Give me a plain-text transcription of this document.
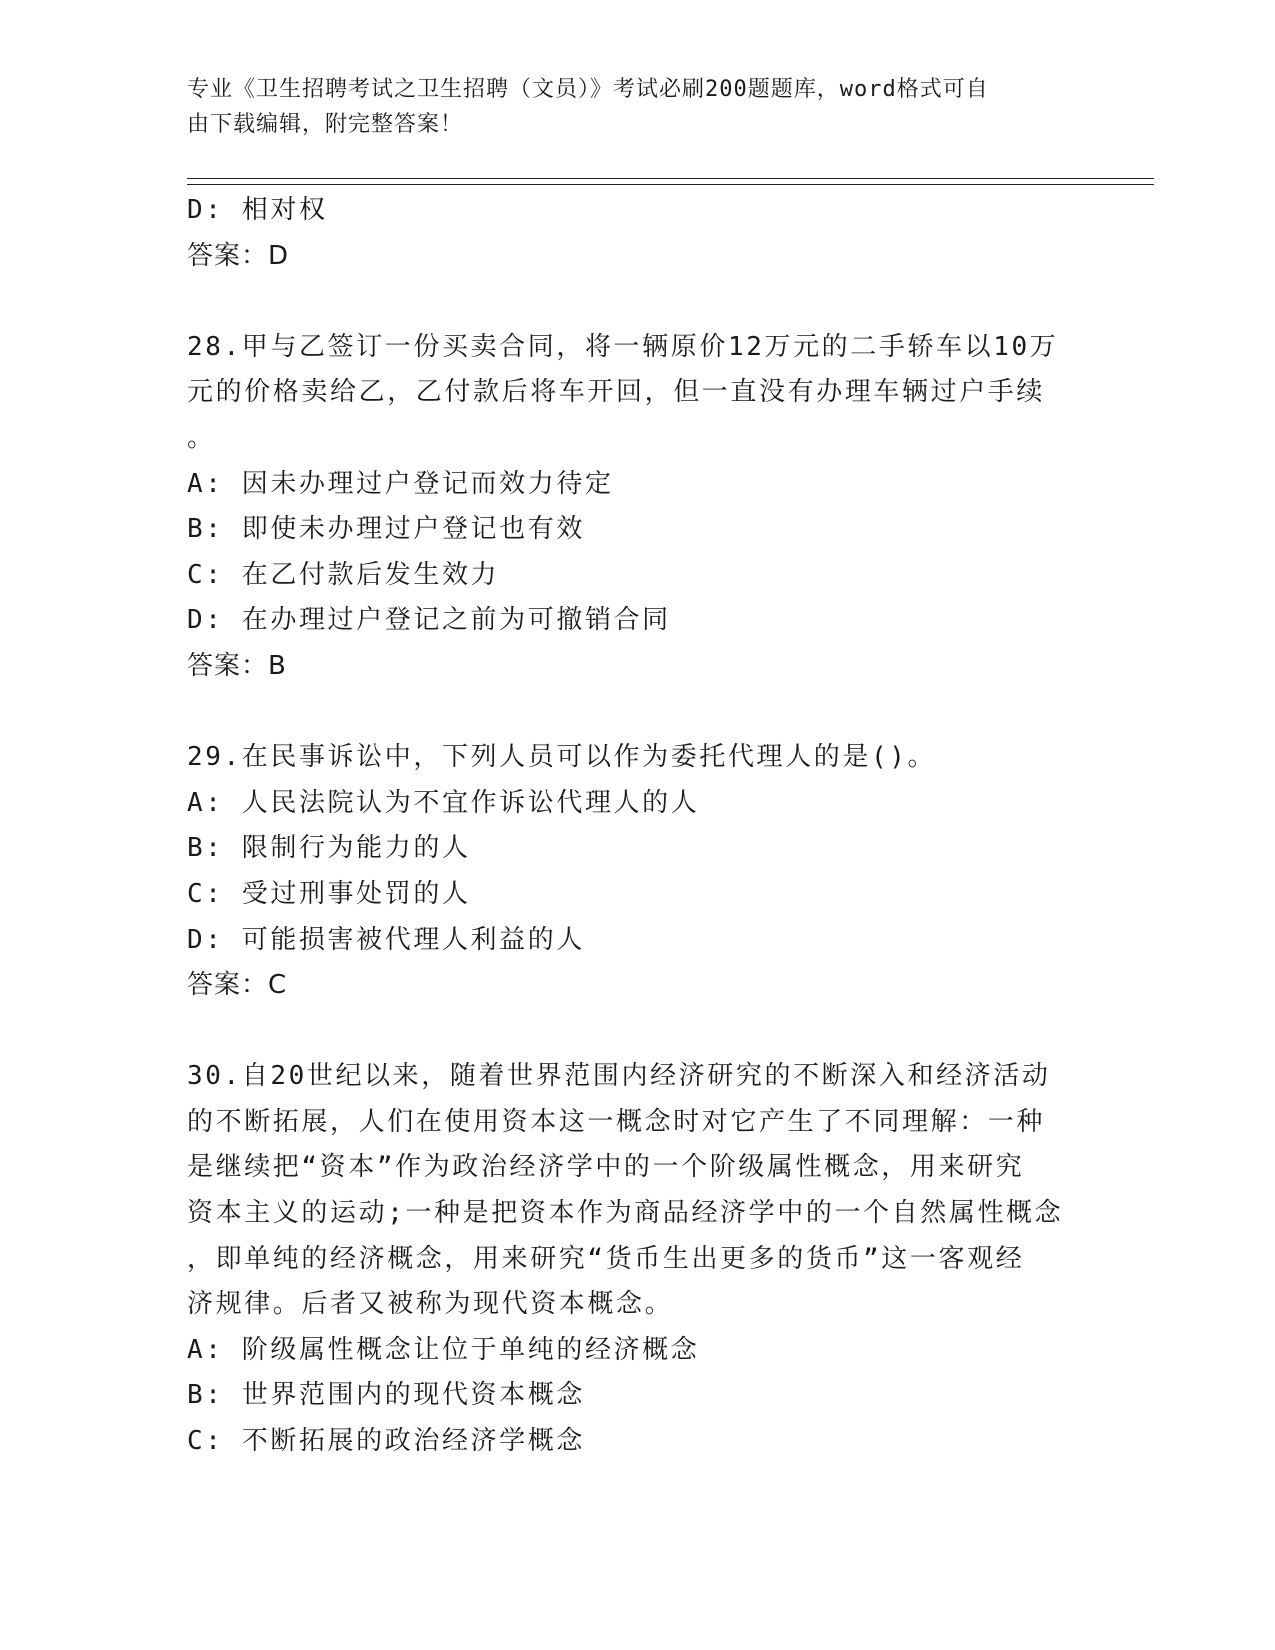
专业《卫生招聘考试之卫生招聘（文员）》考试必刷200题题库，word格式可自
由下载编辑，附完整答案！
D: 相对权
答案：D
28.甲与乙签订一份买卖合同，将一辆原价12万元的二手轿车以10万
元的价格卖给乙，乙付款后将车开回，但一直没有办理车辆过户手续
。
A: 因未办理过户登记而效力待定
B: 即使未办理过户登记也有效
C: 在乙付款后发生效力
D: 在办理过户登记之前为可撤销合同
答案：B
29.在民事诉讼中，下列人员可以作为委托代理人的是()。
A: 人民法院认为不宜作诉讼代理人的人
B: 限制行为能力的人
C: 受过刑事处罚的人
D: 可能损害被代理人利益的人
答案：C
30.自20世纪以来，随着世界范围内经济研究的不断深入和经济活动
的不断拓展，人们在使用资本这一概念时对它产生了不同理解：一种
是继续把“资本”作为政治经济学中的一个阶级属性概念，用来研究
资本主义的运动;一种是把资本作为商品经济学中的一个自然属性概念
，即单纯的经济概念，用来研究“货币生出更多的货币”这一客观经
济规律。后者又被称为现代资本概念。
A: 阶级属性概念让位于单纯的经济概念
B: 世界范围内的现代资本概念
C: 不断拓展的政治经济学概念
